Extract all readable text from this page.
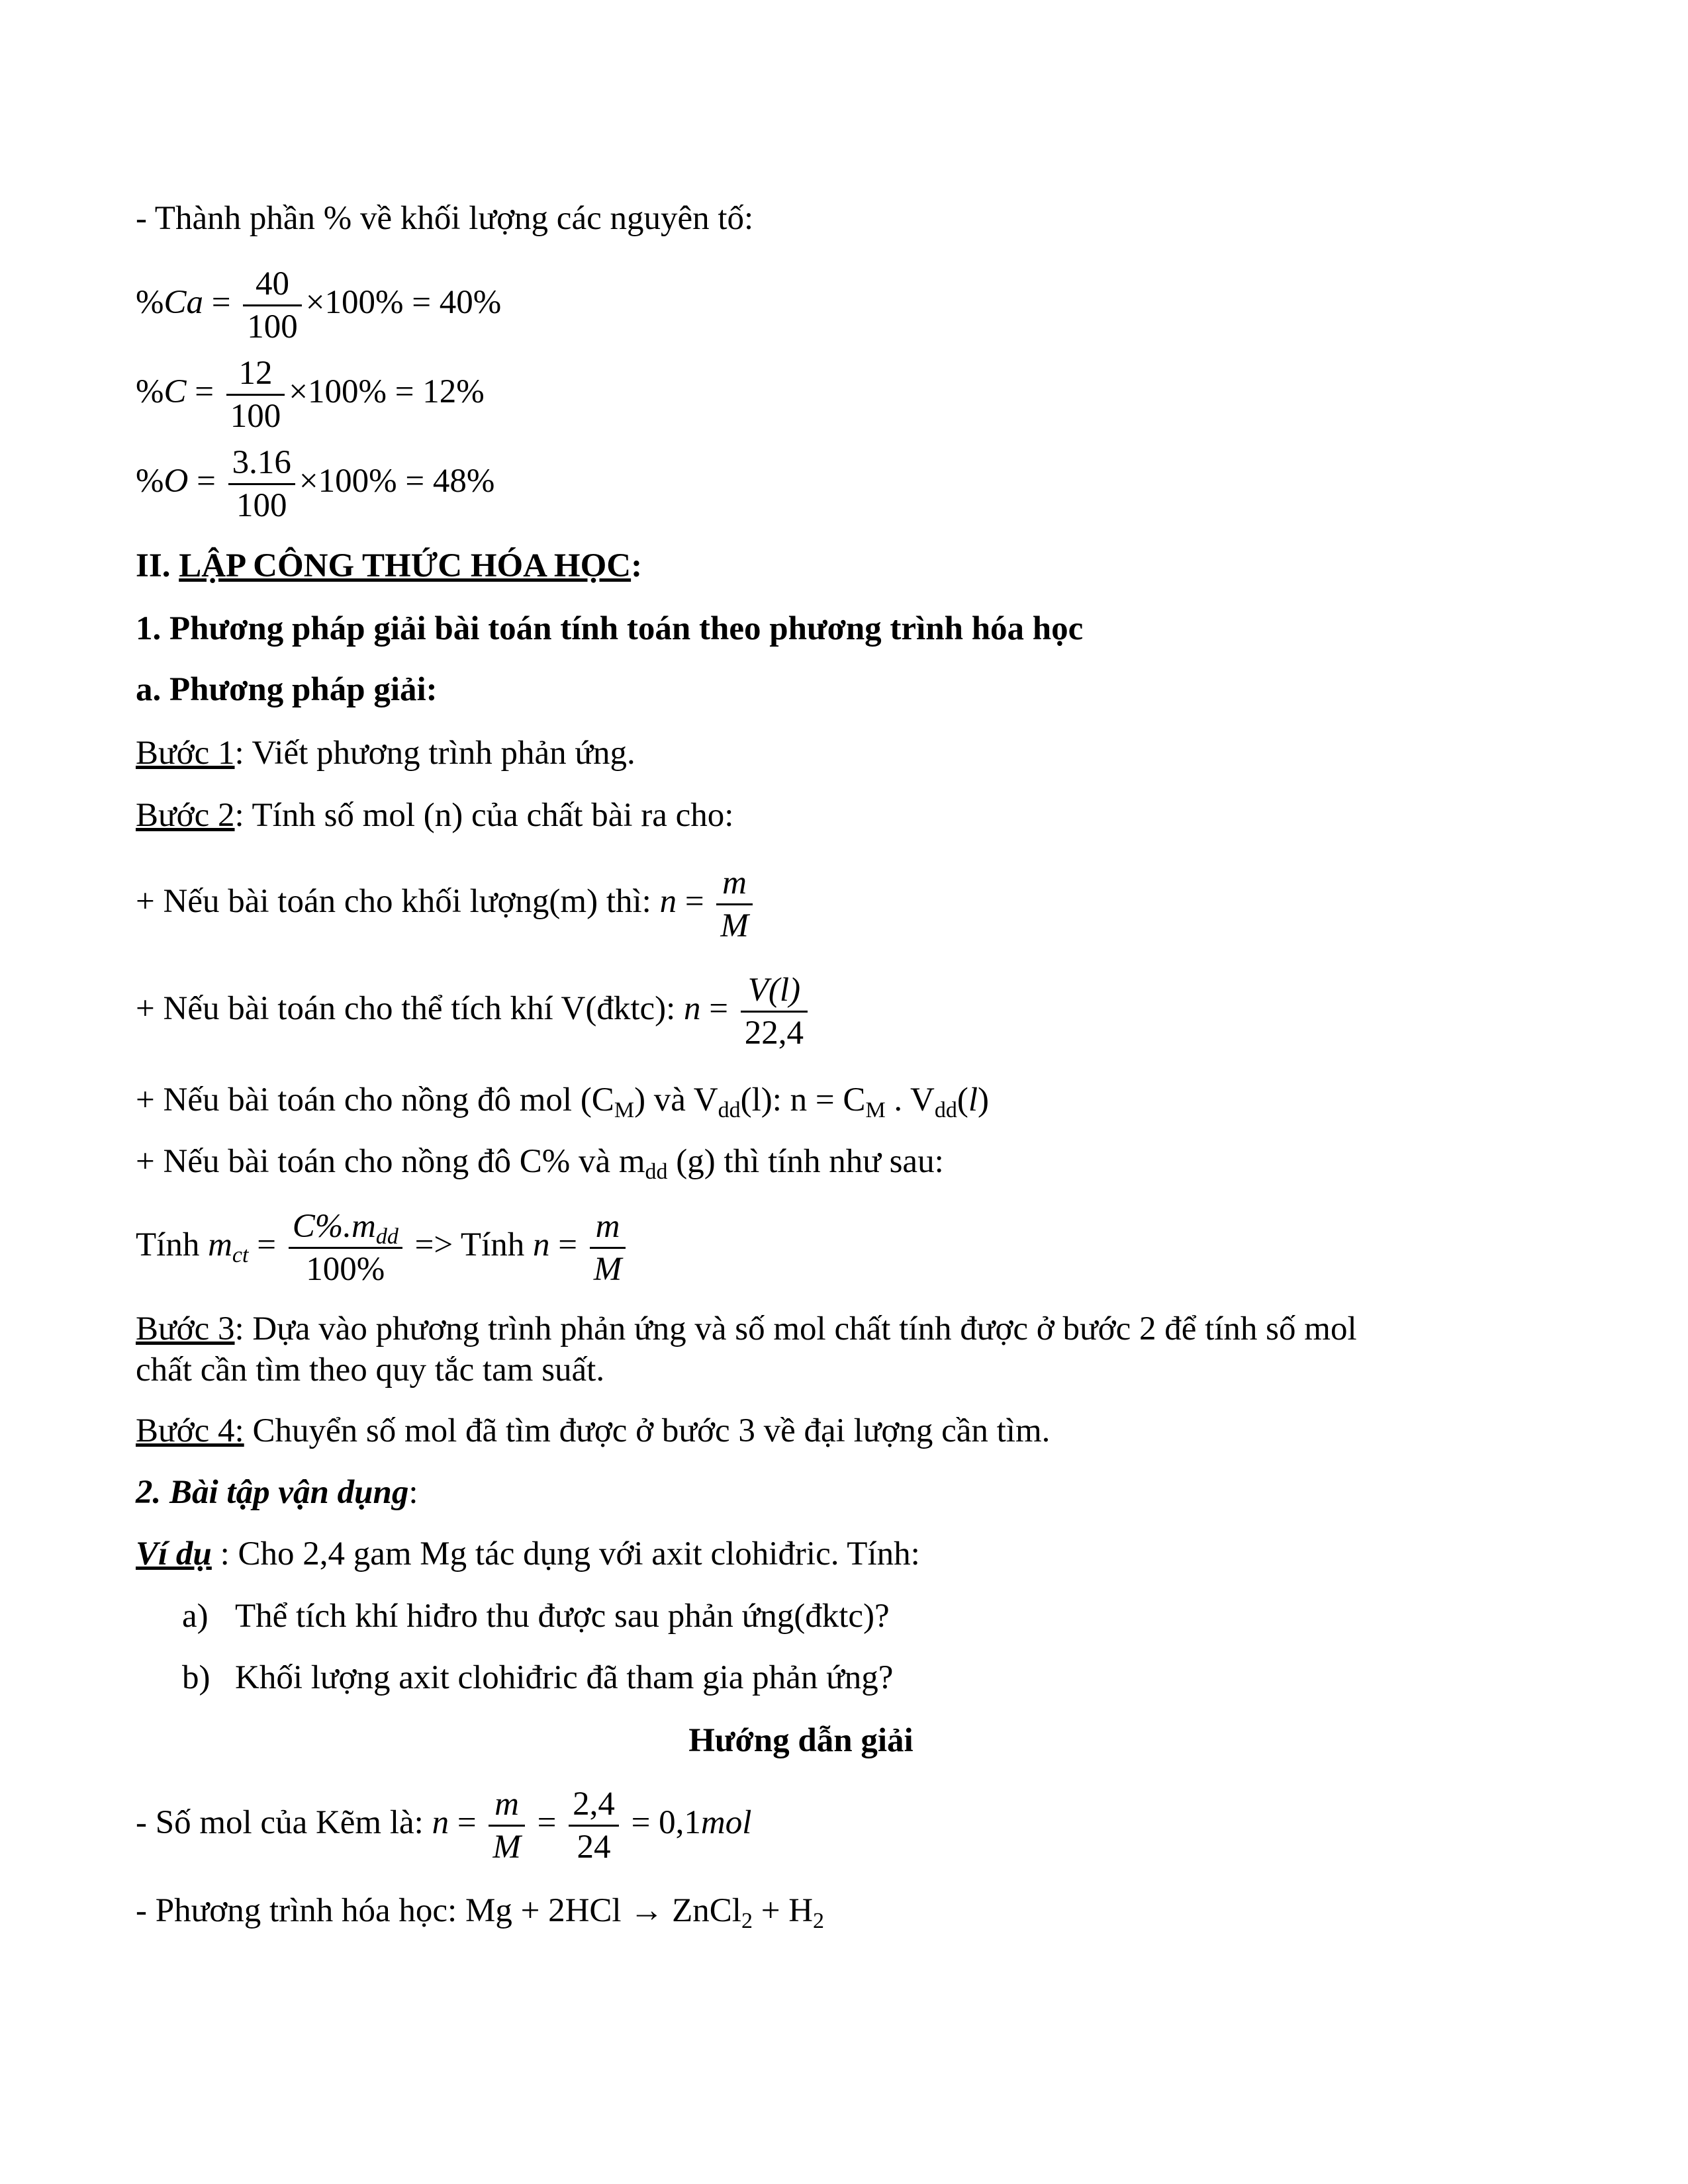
- Thành phần % về khối lượng các nguyên tố:
$\%Ca = \frac{40}{100} \times 100\% = 40\%$
$\%C = \frac{12}{100} \times 100\% = 12\%$
$\%O = \frac{3.16}{100} \times 100\% = 48\%$
II. LẬP CÔNG THỨC HÓA HỌC:
1. Phương pháp giải bài toán tính toán theo phương trình hóa học
a. Phương pháp giải:
Bước 1: Viết phương trình phản ứng.
Bước 2: Tính số mol (n) của chất bài ra cho:
+ Nếu bài toán cho khối lượng(m) thì: $n = \frac{m}{M}$
+ Nếu bài toán cho thể tích khí V(đktc): $n = \frac{V(l)}{22,4}$
+ Nếu bài toán cho nồng đô mol $(C_M)$ và $V_{dd}(l)$: $n = C_M$ . $V_{dd}(l)$
+ Nếu bài toán cho nồng đô C% và $m_{dd}$ (g) thì tính như sau:
Tính $m_{ct} = \frac{C\%.m_{dd}}{100\%}$ => Tính $n = \frac{m}{M}$
Bước 3: Dựa vào phương trình phản ứng và số mol chất tính được ở bước 2 để tính số mol
chất cần tìm theo quy tắc tam suất.
Bước 4: Chuyển số mol đã tìm được ở bước 3 về đại lượng cần tìm.
2. Bài tập vận dụng:
Ví dụ : Cho 2,4 gam Mg tác dụng với axit clohiđric. Tính:
a) Thể tích khí hiđro thu được sau phản ứng(đktc)?
b) Khối lượng axit clohiđric đã tham gia phản ứng?
Hướng dẫn giải
- Số mol của Kẽm là: $n = \frac{m}{M} = \frac{2,4}{24} = 0,1mol$
- Phương trình hóa học: Mg + 2HCl → ZnCl$_2$ + $H_2$
